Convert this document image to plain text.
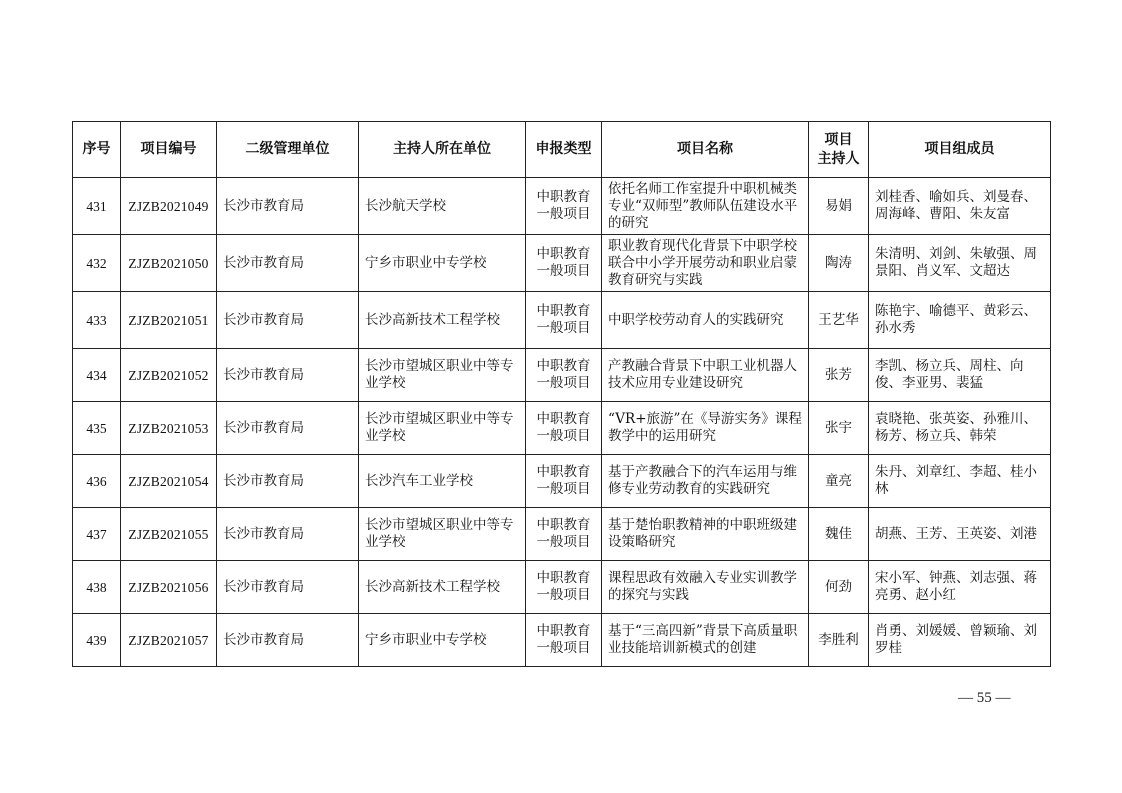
序号	项目编号	二级管理单位	主持人所在单位	申报类型	项目名称	项目
主持人	项目组成员
431	ZJZB2021049	长沙市教育局	长沙航天学校	中职教育一般项目	依托名师工作室提升中职机械类专业“双师型”教师队伍建设水平的研究	易娟	刘桂香、喻如兵、刘曼春、周海峰、曹阳、朱友富
432	ZJZB2021050	长沙市教育局	宁乡市职业中专学校	中职教育一般项目	职业教育现代化背景下中职学校联合中小学开展劳动和职业启蒙教育研究与实践	陶涛	朱清明、刘剑、朱敏强、周景阳、肖义军、文超达
433	ZJZB2021051	长沙市教育局	长沙高新技术工程学校	中职教育一般项目	中职学校劳动育人的实践研究	王艺华	陈艳宇、喻德平、黄彩云、孙水秀
434	ZJZB2021052	长沙市教育局	长沙市望城区职业中等专业学校	中职教育一般项目	产教融合背景下中职工业机器人技术应用专业建设研究	张芳	李凯、杨立兵、周柱、向俊、李亚男、裴猛
435	ZJZB2021053	长沙市教育局	长沙市望城区职业中等专业学校	中职教育一般项目	“VR+旅游”在《导游实务》课程教学中的运用研究	张宇	袁晓艳、张英姿、孙雅川、杨芳、杨立兵、韩荣
436	ZJZB2021054	长沙市教育局	长沙汽车工业学校	中职教育一般项目	基于产教融合下的汽车运用与维修专业劳动教育的实践研究	童亮	朱丹、刘章红、李超、桂小林
437	ZJZB2021055	长沙市教育局	长沙市望城区职业中等专业学校	中职教育一般项目	基于楚怡职教精神的中职班级建设策略研究	魏佳	胡燕、王芳、王英姿、刘港
438	ZJZB2021056	长沙市教育局	长沙高新技术工程学校	中职教育一般项目	课程思政有效融入专业实训教学的探究与实践	何劲	宋小军、钟燕、刘志强、蒋亮勇、赵小红
439	ZJZB2021057	长沙市教育局	宁乡市职业中专学校	中职教育一般项目	基于“三高四新”背景下高质量职业技能培训新模式的创建	李胜利	肖勇、刘媛媛、曾颖瑜、刘罗桂
— 55 —
